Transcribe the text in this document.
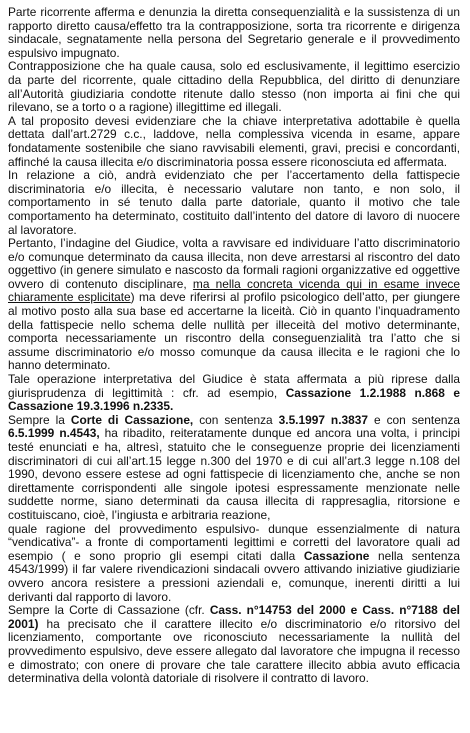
Parte ricorrente afferma e denunzia la diretta consequenzialità e la sussistenza di un rapporto diretto causa/effetto tra la contrapposizione, sorta tra ricorrente e dirigenza sindacale, segnatamente nella persona del Segretario generale e il provvedimento espulsivo impugnato.

Contrapposizione che ha quale causa, solo ed esclusivamente, il legittimo esercizio da parte del ricorrente, quale cittadino della Repubblica, del diritto di denunziare all’Autorità giudiziaria condotte ritenute dallo stesso (non importa ai fini che qui rilevano, se a torto o a ragione) illegittime ed illegali.

A tal proposito devesi evidenziare che la chiave interpretativa adottabile è quella dettata dall’art.2729 c.c., laddove, nella complessiva vicenda in esame, appare fondatamente sostenibile che siano ravvisabili elementi, gravi, precisi e concordanti, affinché la causa illecita e/o discriminatoria possa essere riconosciuta ed affermata.

In relazione a ciò, andrà evidenziato che per l’accertamento della fattispecie discriminatoria e/o illecita, è necessario valutare non tanto, e non solo, il comportamento in sé tenuto dalla parte datoriale, quanto il motivo che tale comportamento ha determinato, costituito dall’intento del datore di lavoro di nuocere al lavoratore.

Pertanto, l’indagine del Giudice, volta a ravvisare ed individuare l’atto discriminatorio e/o comunque determinato da causa illecita, non deve arrestarsi al riscontro del dato oggettivo (in genere simulato e nascosto da formali ragioni organizzative ed oggettive ovvero di contenuto disciplinare, ma nella concreta vicenda qui in esame invece chiaramente esplicitate) ma deve riferirsi al profilo psicologico dell’atto, per giungere al motivo posto alla sua base ed accertarne la liceità. Ciò in quanto l’inquadramento della fattispecie nello schema delle nullità per illeceità del motivo determinante, comporta necessariamente un riscontro della conseguenzialità tra l’atto che si assume discriminatorio e/o mosso comunque da causa illecita e le ragioni che lo hanno determinato.

Tale operazione interpretativa del Giudice è stata affermata a più riprese dalla giurisprudenza di legittimità : cfr. ad esempio, Cassazione 1.2.1988 n.868 e Cassazione 19.3.1996 n.2335.

Sempre la Corte di Cassazione, con sentenza 3.5.1997 n.3837 e con sentenza 6.5.1999 n.4543, ha ribadito, reiteratamente dunque ed ancora una volta, i principi testé enunciati e ha, altresì, statuito che le conseguenze proprie dei licenziamenti discriminatori di cui all’art.15 legge n.300 del 1970 e di cui all’art.3 legge n.108 del 1990, devono essere estese ad ogni fattispecie di licenziamento che, anche se non direttamente corrispondenti alle singole ipotesi espressamente menzionate nelle suddette norme, siano determinati da causa illecita di rappresaglia, ritorsione e costituiscano, cioè, l’ingiusta e arbitraria reazione,

quale ragione del provvedimento espulsivo- dunque essenzialmente di natura “vendicativa”- a fronte di comportamenti legittimi e corretti del lavoratore quali ad esempio ( e sono proprio gli esempi citati dalla Cassazione nella sentenza 4543/1999) il far valere rivendicazioni sindacali ovvero attivando iniziative giudiziarie ovvero ancora resistere a pressioni aziendali e, comunque, inerenti diritti a lui derivanti dal rapporto di lavoro.

Sempre la Corte di Cassazione (cfr. Cass. n°14753 del 2000 e Cass. n°7188 del 2001) ha precisato che il carattere illecito e/o discriminatorio e/o ritorsivo del licenziamento, comportante ove riconosciuto necessariamente la nullità del provvedimento espulsivo, deve essere allegato dal lavoratore che impugna il recesso e dimostrato; con onere di provare che tale carattere illecito abbia avuto efficacia determinativa della volontà datoriale di risolvere il contratto di lavoro.
